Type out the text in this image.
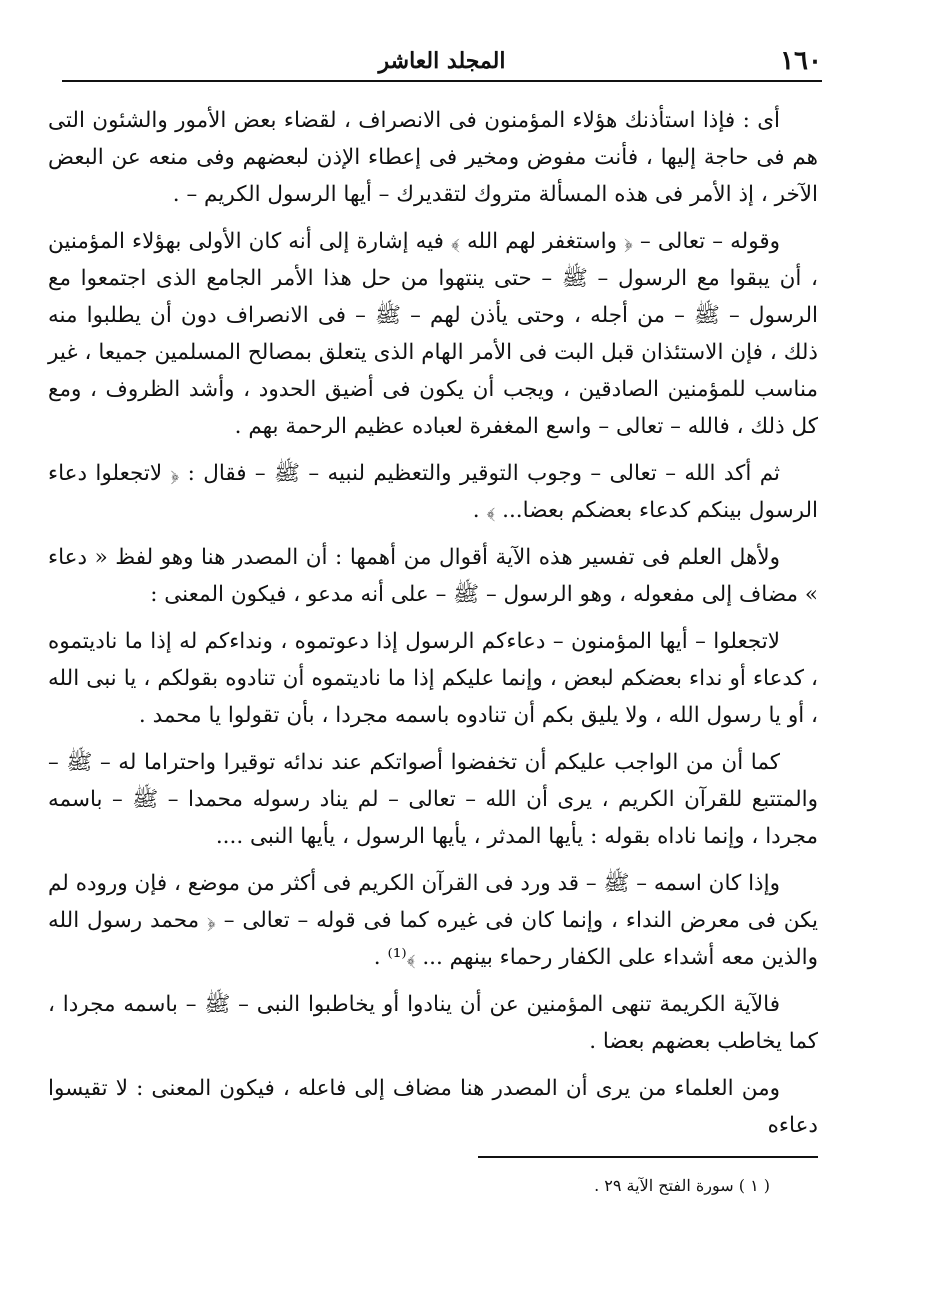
١٦٠
المجلد العاشر

أى : فإذا استأذنك هؤلاء المؤمنون فى الانصراف ، لقضاء بعض الأمور والشئون التى هم فى حاجة إليها ، فأنت مفوض ومخير فى إعطاء الإذن لبعضهم وفى منعه عن البعض الآخر ، إذ الأمر فى هذه المسألة متروك لتقديرك – أيها الرسول الكريم – .

وقوله – تعالى – ﴿ واستغفر لهم الله ﴾ فيه إشارة إلى أنه كان الأولى بهؤلاء المؤمنين ، أن يبقوا مع الرسول – ﷺ – حتى ينتهوا من حل هذا الأمر الجامع الذى اجتمعوا مع الرسول – ﷺ – من أجله ، وحتى يأذن لهم – ﷺ – فى الانصراف دون أن يطلبوا منه ذلك ، فإن الاستئذان قبل البت فى الأمر الهام الذى يتعلق بمصالح المسلمين جميعا ، غير مناسب للمؤمنين الصادقين ، ويجب أن يكون فى أضيق الحدود ، وأشد الظروف ، ومع كل ذلك ، فالله – تعالى – واسع المغفرة لعباده عظيم الرحمة بهم .

ثم أكد الله – تعالى – وجوب التوقير والتعظيم لنبيه – ﷺ – فقال : ﴿ لاتجعلوا دعاء الرسول بينكم كدعاء بعضكم بعضا... ﴾ .

ولأهل العلم فى تفسير هذه الآية أقوال من أهمها : أن المصدر هنا وهو لفظ « دعاء » مضاف إلى مفعوله ، وهو الرسول – ﷺ – على أنه مدعو ، فيكون المعنى :

لاتجعلوا – أيها المؤمنون – دعاءكم الرسول إذا دعوتموه ، ونداءكم له إذا ما ناديتموه ، كدعاء أو نداء بعضكم لبعض ، وإنما عليكم إذا ما ناديتموه أن تنادوه بقولكم ، يا نبى الله ، أو يا رسول الله ، ولا يليق بكم أن تنادوه باسمه مجردا ، بأن تقولوا يا محمد .

كما أن من الواجب عليكم أن تخفضوا أصواتكم عند ندائه توقيرا واحتراما له – ﷺ – والمتتبع للقرآن الكريم ، يرى أن الله – تعالى – لم يناد رسوله محمدا – ﷺ – باسمه مجردا ، وإنما ناداه بقوله : يأيها المدثر ، يأيها الرسول ، يأيها النبى ....

وإذا كان اسمه – ﷺ – قد ورد فى القرآن الكريم فى أكثر من موضع ، فإن وروده لم يكن فى معرض النداء ، وإنما كان فى غيره كما فى قوله – تعالى – ﴿ محمد رسول الله والذين معه أشداء على الكفار رحماء بينهم ... ﴾⁽¹⁾ .

فالآية الكريمة تنهى المؤمنين عن أن ينادوا أو يخاطبوا النبى – ﷺ – باسمه مجردا ، كما يخاطب بعضهم بعضا .

ومن العلماء من يرى أن المصدر هنا مضاف إلى فاعله ، فيكون المعنى : لا تقيسوا دعاءه

( ١ ) سورة الفتح الآية ٢٩ .
